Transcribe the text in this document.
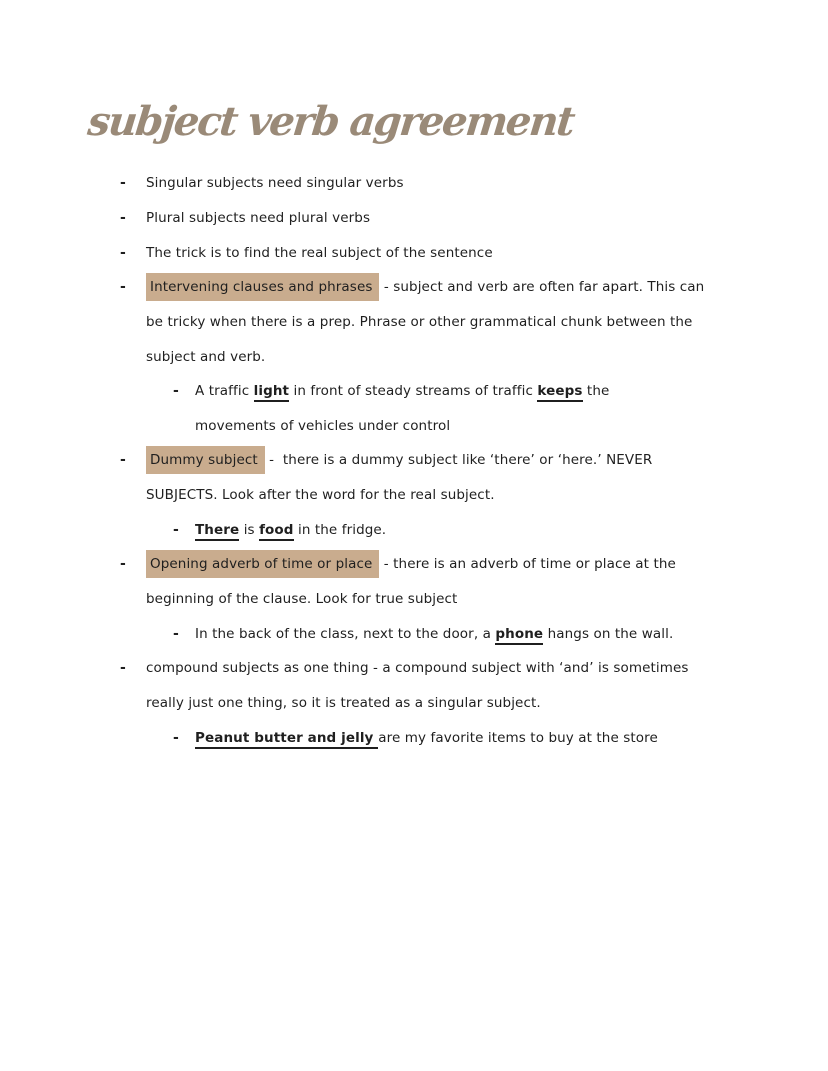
subject verb agreement
- Singular subjects need singular verbs
- Plural subjects need plural verbs
- The trick is to find the real subject of the sentence
- Intervening clauses and phrases - subject and verb are often far apart. This can
be tricky when there is a prep. Phrase or other grammatical chunk between the
subject and verb.
- A traffic light in front of steady streams of traffic keeps the
movements of vehicles under control
- Dummy subject -  there is a dummy subject like ‘there’ or ‘here.’ NEVER
SUBJECTS. Look after the word for the real subject.
- There is food in the fridge.
- Opening adverb of time or place - there is an adverb of time or place at the
beginning of the clause. Look for true subject
- In the back of the class, next to the door, a phone hangs on the wall.
- compound subjects as one thing - a compound subject with ‘and’ is sometimes
really just one thing, so it is treated as a singular subject.
- Peanut butter and jelly are my favorite items to buy at the store
